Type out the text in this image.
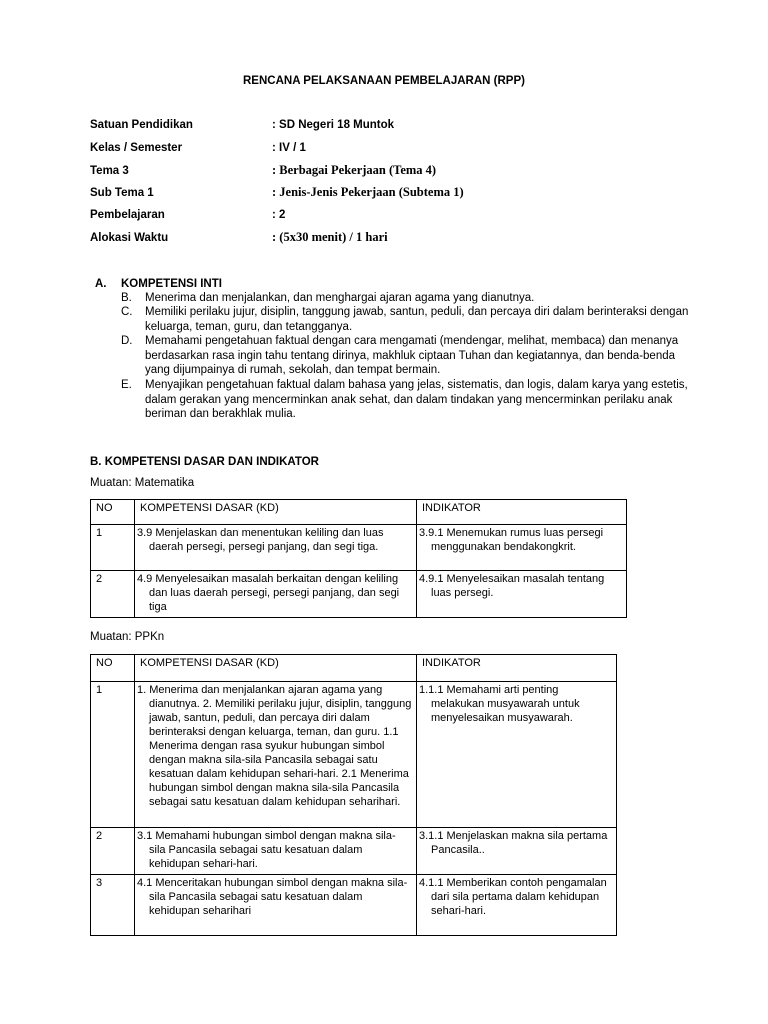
RENCANA PELAKSANAAN PEMBELAJARAN (RPP)
Satuan Pendidikan	: SD Negeri 18 Muntok
Kelas / Semester	: IV / 1
Tema 3	: Berbagai Pekerjaan (Tema 4)
Sub Tema 1	: Jenis-Jenis Pekerjaan (Subtema 1)
Pembelajaran	: 2
Alokasi Waktu	: (5x30 menit) / 1 hari
A. KOMPETENSI INTI
B. Menerima dan menjalankan, dan menghargai ajaran agama yang dianutnya.
C. Memiliki perilaku jujur, disiplin, tanggung jawab, santun, peduli, dan percaya diri dalam berinteraksi dengan keluarga, teman, guru, dan tetangganya.
D. Memahami pengetahuan faktual dengan cara mengamati (mendengar, melihat, membaca) dan menanya berdasarkan rasa ingin tahu tentang dirinya, makhluk ciptaan Tuhan dan kegiatannya, dan benda-benda yang dijumpainya di rumah, sekolah, dan tempat bermain.
E. Menyajikan pengetahuan faktual dalam bahasa yang jelas, sistematis, dan logis, dalam karya yang estetis, dalam gerakan yang mencerminkan anak sehat, dan dalam tindakan yang mencerminkan perilaku anak beriman dan berakhlak mulia.
B. KOMPETENSI DASAR DAN INDIKATOR
Muatan: Matematika
NO	KOMPETENSI DASAR (KD)	INDIKATOR
1	3.9 Menjelaskan dan menentukan keliling dan luas daerah persegi, persegi panjang, dan segi tiga.	3.9.1 Menemukan rumus luas persegi menggunakan bendakongkrit.
2	4.9 Menyelesaikan masalah berkaitan dengan keliling dan luas daerah persegi, persegi panjang, dan segi tiga	4.9.1 Menyelesaikan masalah tentang luas persegi.
Muatan: PPKn
NO	KOMPETENSI DASAR (KD)	INDIKATOR
1	1. Menerima dan menjalankan ajaran agama yang dianutnya. 2. Memiliki perilaku jujur, disiplin, tanggung jawab, santun, peduli, dan percaya diri dalam berinteraksi dengan keluarga, teman, dan guru. 1.1 Menerima dengan rasa syukur hubungan simbol dengan makna sila-sila Pancasila sebagai satu kesatuan dalam kehidupan sehari-hari. 2.1 Menerima hubungan simbol dengan makna sila-sila Pancasila sebagai satu kesatuan dalam kehidupan seharihari.	1.1.1 Memahami arti penting melakukan musyawarah untuk menyelesaikan musyawarah.
2	3.1 Memahami hubungan simbol dengan makna sila-sila Pancasila sebagai satu kesatuan dalam kehidupan sehari-hari.	3.1.1 Menjelaskan makna sila pertama Pancasila..
3	4.1 Menceritakan hubungan simbol dengan makna sila-sila Pancasila sebagai satu kesatuan dalam kehidupan seharihari	4.1.1 Memberikan contoh pengamalan dari sila pertama dalam kehidupan sehari-hari.
